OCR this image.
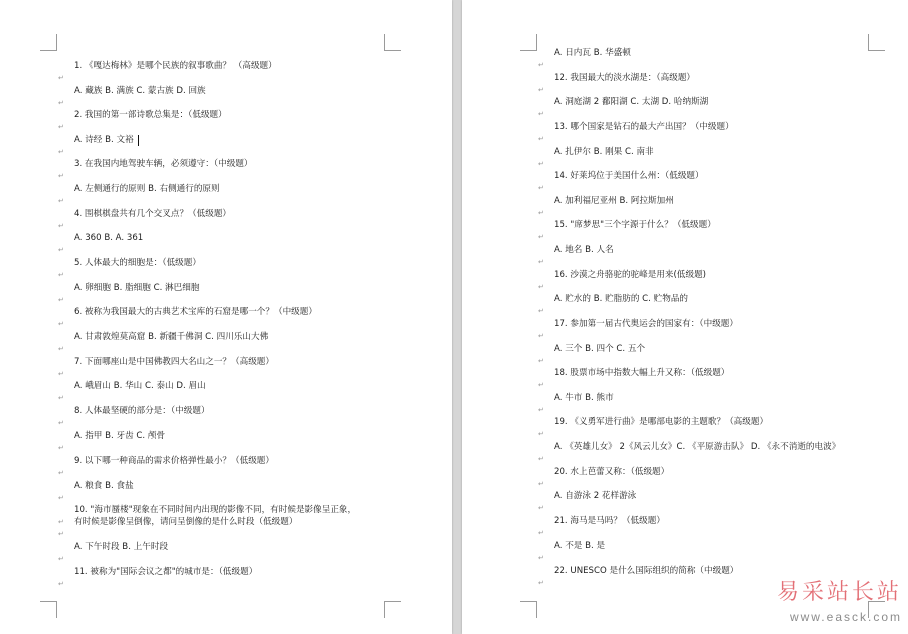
1. 《嘎达梅林》是哪个民族的叙事歌曲？ （高级题）
↵
A. 藏族 B. 满族 C. 蒙古族 D. 回族
↵
2. 我国的第一部诗歌总集是：（低级题）
↵
A. 诗经 B. 文裕
↵
3. 在我国内地驾驶车辆，必须遵守：（中级题）
↵
A. 左侧通行的原则 B. 右侧通行的原则
↵
4. 围棋棋盘共有几个交叉点？（低级题）
↵
A. 360 B. A. 361
↵
5. 人体最大的细胞是：（低级题）
↵
A. 卵细胞 B. 脂细胞 C. 淋巴细胞
↵
6. 被称为我国最大的古典艺术宝库的石窟是哪一个？（中级题）
↵
A. 甘肃敦煌莫高窟 B. 新疆千佛洞 C. 四川乐山大佛
↵
7. 下面哪座山是中国佛教四大名山之一？（高级题）
↵
A. 峨眉山 B. 华山 C. 泰山 D. 眉山
↵
8. 人体最坚硬的部分是：（中级题）
↵
A. 指甲 B. 牙齿 C. 颅骨
↵
9. 以下哪一种商品的需求价格弹性最小？（低级题）
↵
A. 粮食 B. 食盐
↵
10. "海市蜃楼"现象在不同时间内出现的影像不同，有时候是影像呈正象，
↵ 有时候是影像呈倒像，请问呈倒像的是什么时段（低级题）
↵
A. 下午时段 B. 上午时段
↵
11. 被称为"国际会议之都"的城市是：（低级题）
↵
A. 日内瓦 B. 华盛顿
↵
12. 我国最大的淡水湖是：（高级题）
↵
A. 洞庭湖 2 鄱阳湖 C. 太湖 D. 哈纳斯湖
↵
13. 哪个国家是钻石的最大产出国？（中级题）
↵
A. 扎伊尔 B. 刚果 C. 南非
↵
14. 好莱坞位于美国什么州：（低级题）
↵
A. 加利福尼亚州 B. 阿拉斯加州
↵
15. "席梦思"三个字源于什么？（低级题）
↵
A. 地名 B. 人名
↵
16. 沙漠之舟骆驼的驼峰是用来(低级题)
↵
A. 贮水的 B. 贮脂肪的 C. 贮物品的
↵
17. 参加第一届古代奥运会的国家有：（中级题）
↵
A. 三个 B. 四个 C. 五个
↵
18. 股票市场中指数大幅上升又称：（低级题）
↵
A. 牛市 B. 熊市
↵
19. 《义勇军进行曲》是哪部电影的主题歌？（高级题）
↵
A. 《英雄儿女》 2《风云儿女》C. 《平原游击队》 D. 《永不消逝的电波》
↵
20. 水上芭蕾又称：（低级题）
↵
A. 自游泳 2 花样游泳
↵
21. 海马是马吗？（低级题）
↵
A. 不是 B. 是
↵
22. UNESCO 是什么国际组织的简称（中级题）
↵	易采站长站
www.easck.com
